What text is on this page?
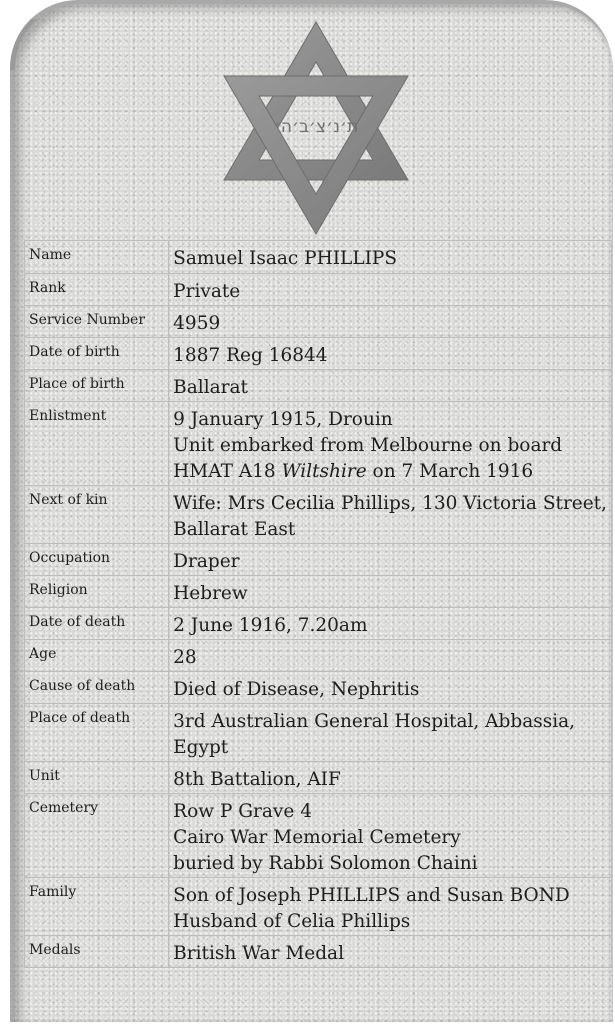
ת׳נ׳צ׳ב׳ה׳
Name	Samuel Isaac PHILLIPS

Rank	Private

Service Number	4959

Date of birth	1887 Reg 16844

Place of birth	Ballarat

Enlistment	9 January 1915, Drouin
Unit embarked from Melbourne on board
HMAT A18 Wiltshire on 7 March 1916

Next of kin	Wife: Mrs Cecilia Phillips, 130 Victoria Street,
Ballarat East

Occupation	Draper

Religion	Hebrew

Date of death	2 June 1916, 7.20am

Age	28

Cause of death	Died of Disease, Nephritis

Place of death	3rd Australian General Hospital, Abbassia,
Egypt

Unit	8th Battalion, AIF

Cemetery	Row P Grave 4
Cairo War Memorial Cemetery
buried by Rabbi Solomon Chaini

Family	Son of Joseph PHILLIPS and Susan BOND
Husband of Celia Phillips

Medals	British War Medal
